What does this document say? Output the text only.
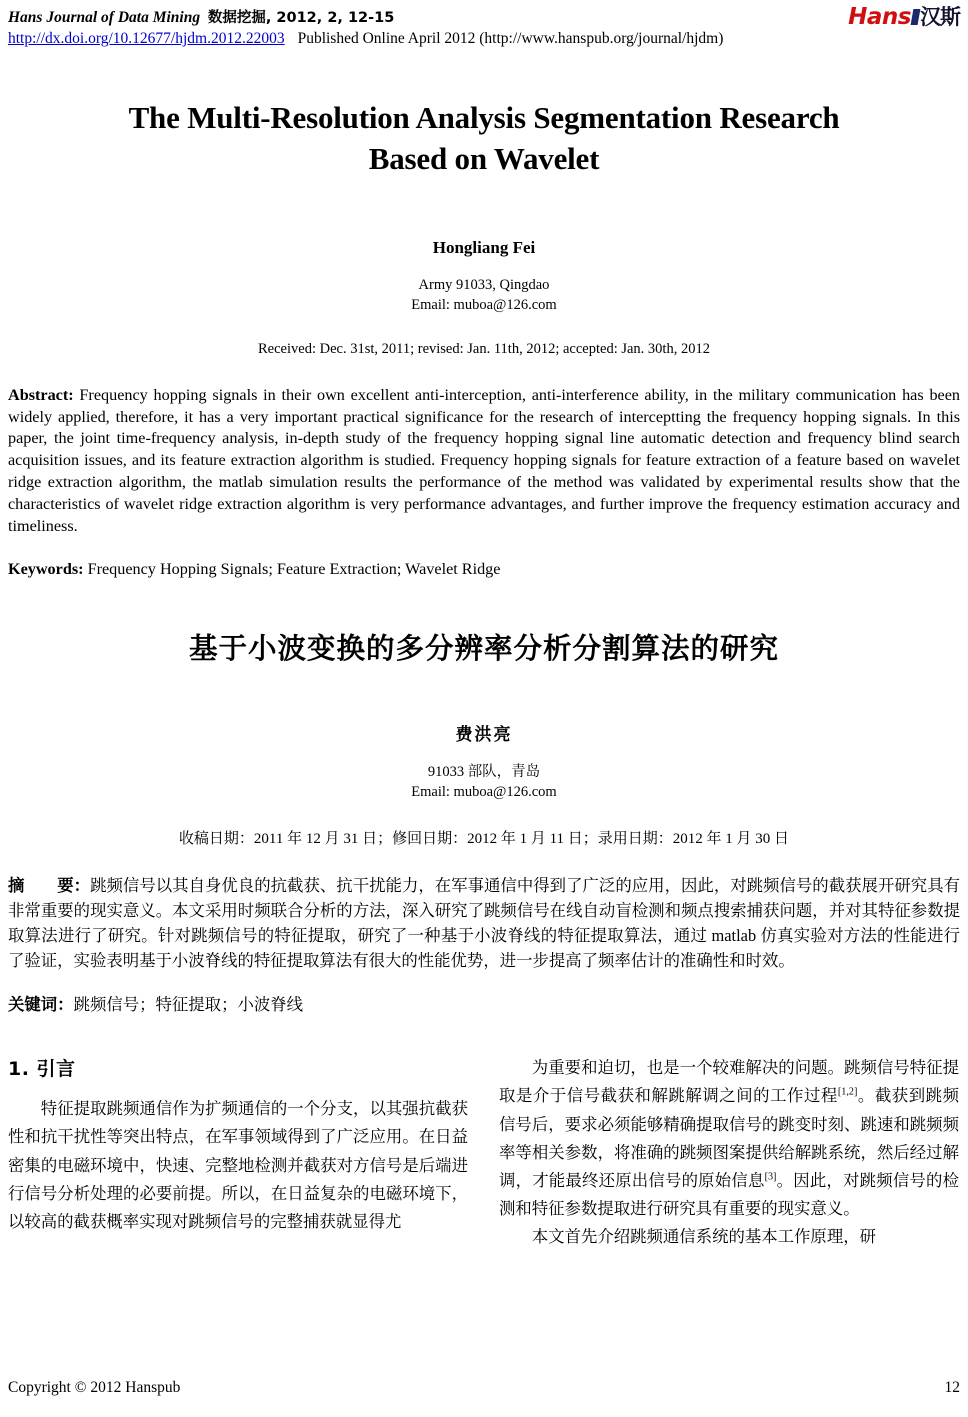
Hans Journal of Data Mining 数据挖掘, 2012, 2, 12-15
http://dx.doi.org/10.12677/hjdm.2012.22003 Published Online April 2012 (http://www.hanspub.org/journal/hjdm)
Hans 汉斯
The Multi-Resolution Analysis Segmentation Research
Based on Wavelet
Hongliang Fei
Army 91033, Qingdao
Email: muboa@126.com
Received: Dec. 31st, 2011; revised: Jan. 11th, 2012; accepted: Jan. 30th, 2012
Abstract: Frequency hopping signals in their own excellent anti-interception, anti-interference ability, in the military communication has been widely applied, therefore, it has a very important practical significance for the research of interceptting the frequency hopping signals. In this paper, the joint time-frequency analysis, in-depth study of the frequency hopping signal line automatic detection and frequency blind search acquisition issues, and its feature extraction algorithm is studied. Frequency hopping signals for feature extraction of a feature based on wavelet ridge extraction algorithm, the matlab simulation results the performance of the method was validated by experimental results show that the characteristics of wavelet ridge extraction algorithm is very performance advantages, and further improve the frequency estimation accuracy and timeliness.
Keywords: Frequency Hopping Signals; Feature Extraction; Wavelet Ridge
基于小波变换的多分辨率分析分割算法的研究
费洪亮
91033 部队，青岛
Email: muboa@126.com
收稿日期：2011 年 12 月 31 日；修回日期：2012 年 1 月 11 日；录用日期：2012 年 1 月 30 日
摘　　要：跳频信号以其自身优良的抗截获、抗干扰能力，在军事通信中得到了广泛的应用，因此，对跳频信号的截获展开研究具有非常重要的现实意义。本文采用时频联合分析的方法，深入研究了跳频信号在线自动盲检测和频点搜索捕获问题，并对其特征参数提取算法进行了研究。针对跳频信号的特征提取，研究了一种基于小波脊线的特征提取算法，通过 matlab 仿真实验对方法的性能进行了验证，实验表明基于小波脊线的特征提取算法有很大的性能优势，进一步提高了频率估计的准确性和时效。
关键词：跳频信号；特征提取；小波脊线
1. 引言
特征提取跳频通信作为扩频通信的一个分支，以其强抗截获性和抗干扰性等突出特点，在军事领域得到了广泛应用。在日益密集的电磁环境中，快速、完整地检测并截获对方信号是后端进行信号分析处理的必要前提。所以，在日益复杂的电磁环境下，以较高的截获概率实现对跳频信号的完整捕获就显得尤
为重要和迫切，也是一个较难解决的问题。跳频信号特征提取是介于信号截获和解跳解调之间的工作过程[1,2]。截获到跳频信号后，要求必须能够精确提取信号的跳变时刻、跳速和跳频频率等相关参数，将准确的跳频图案提供给解跳系统，然后经过解调，才能最终还原出信号的原始信息[3]。因此，对跳频信号的检测和特征参数提取进行研究具有重要的现实意义。
本文首先介绍跳频通信系统的基本工作原理，研
Copyright © 2012 Hanspub	12
